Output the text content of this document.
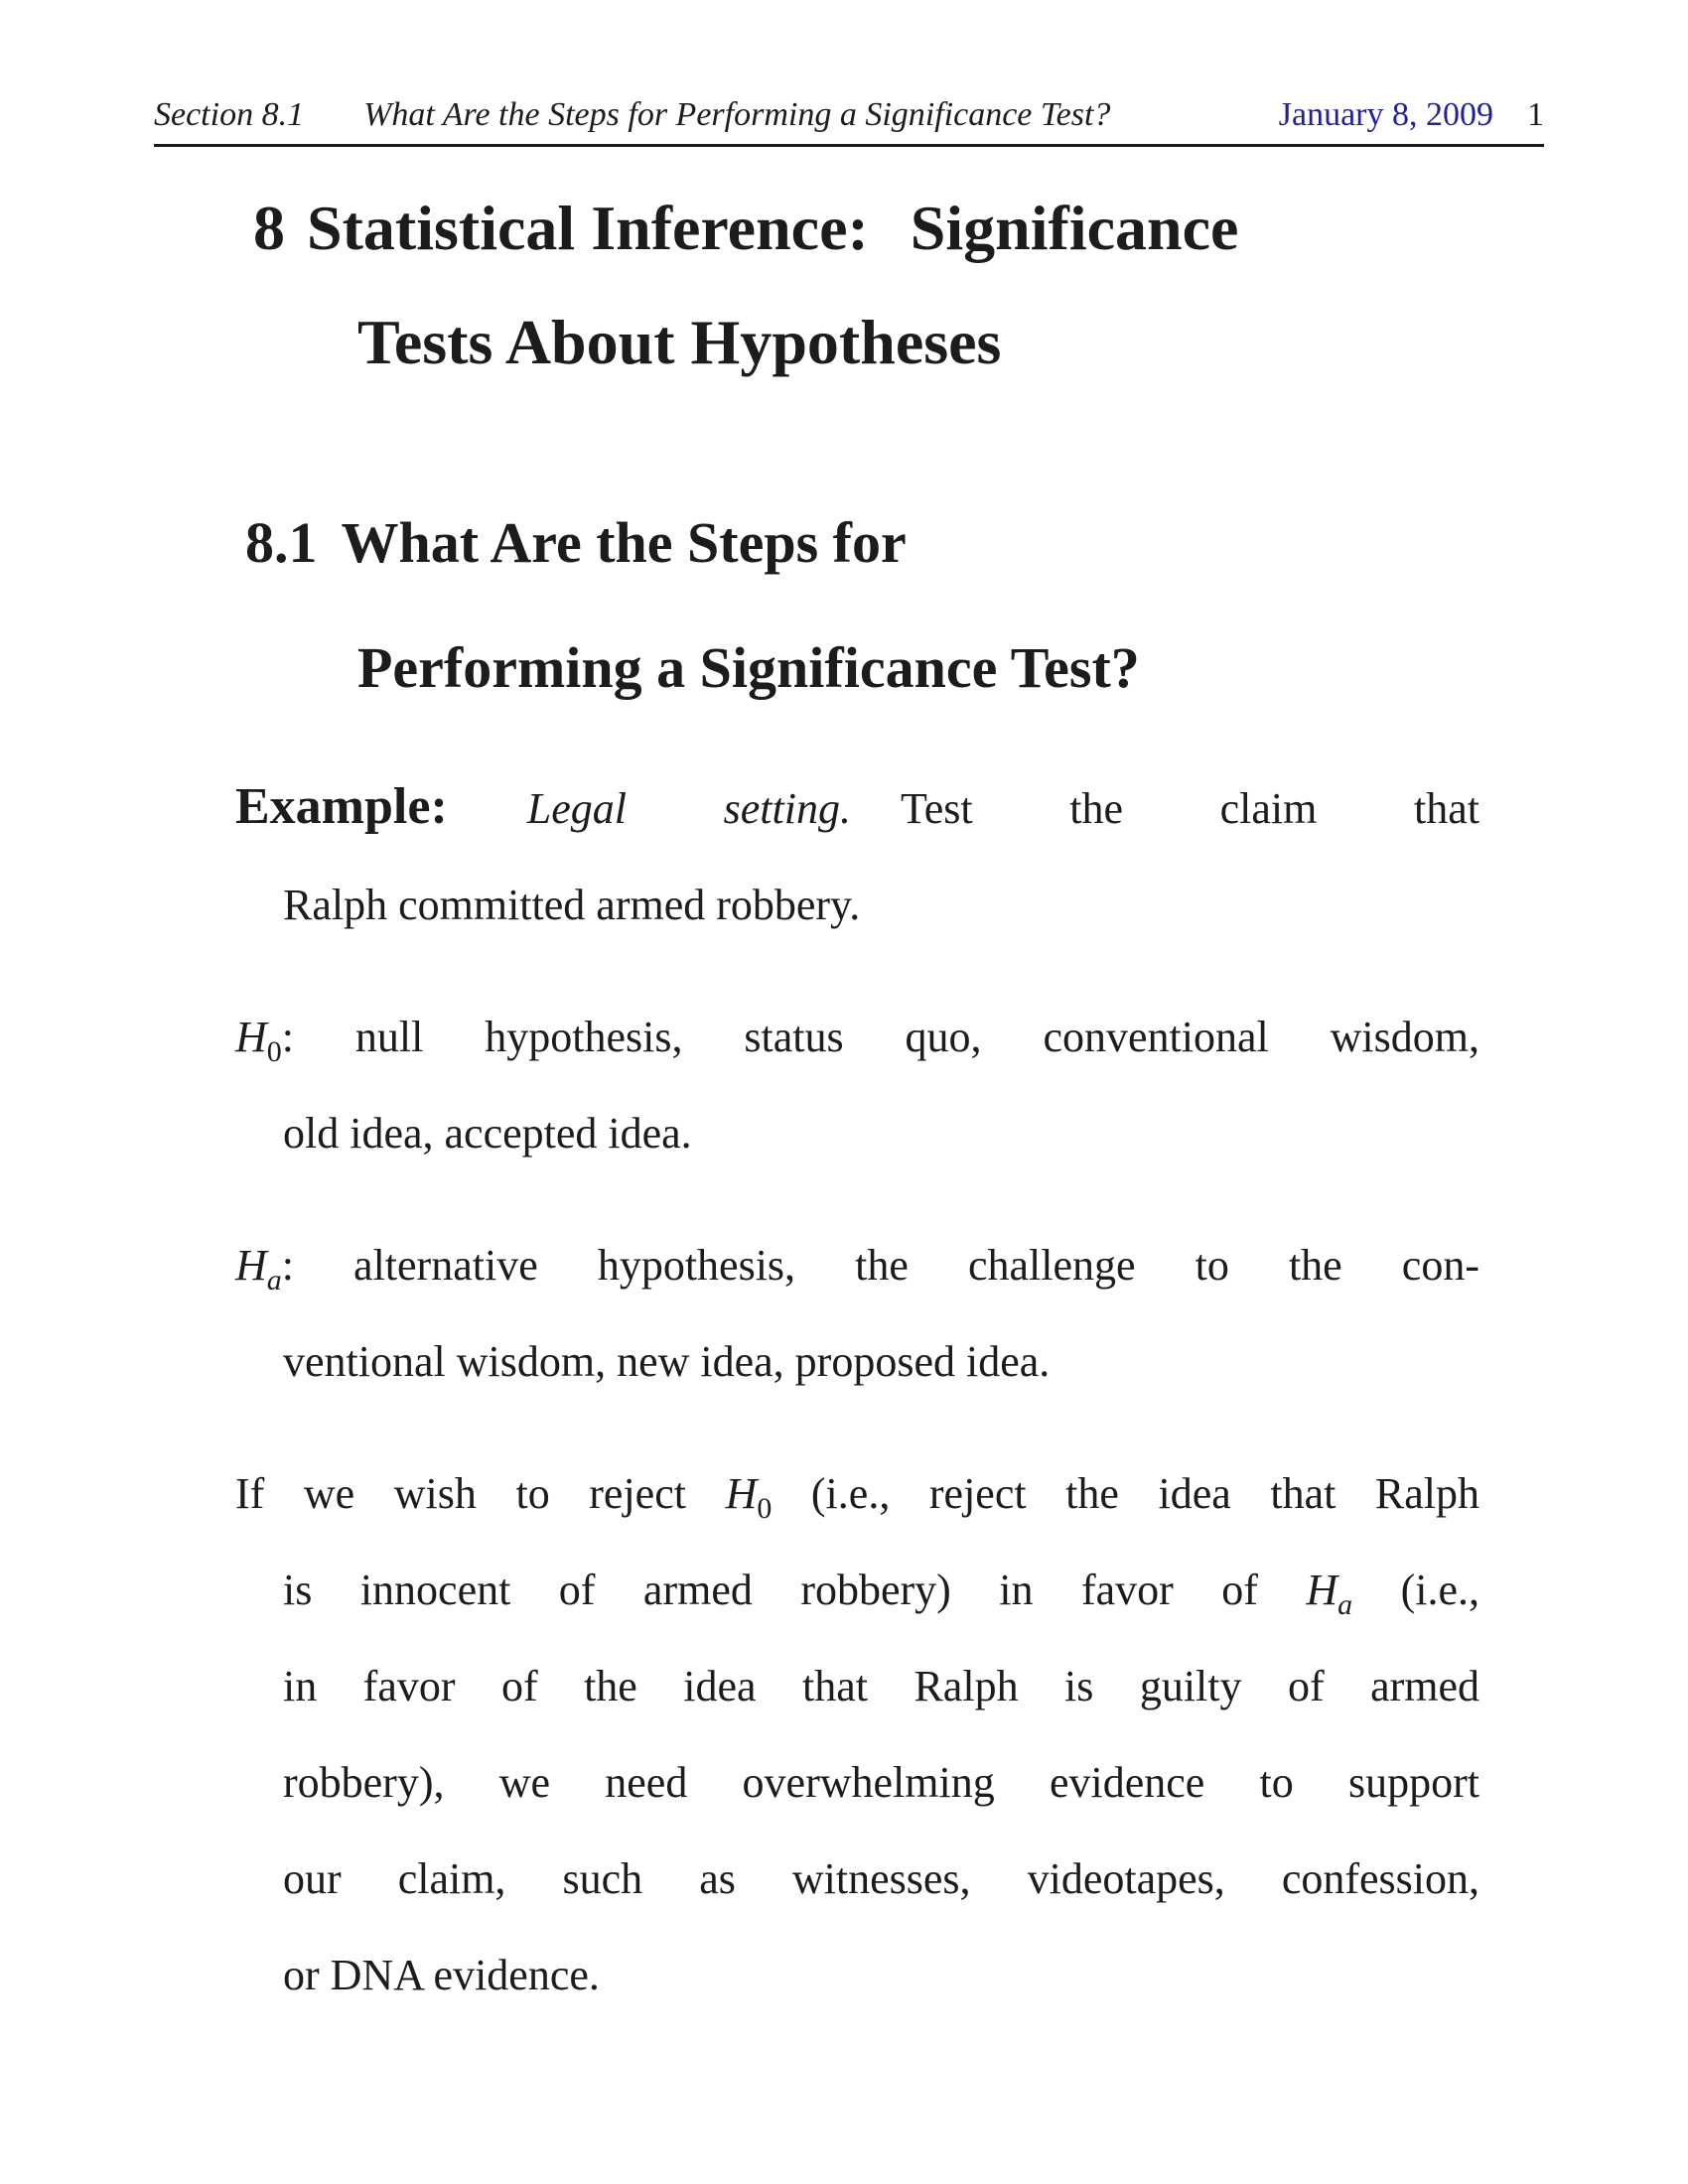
Section 8.1 What Are the Steps for Performing a Significance Test?	January 8, 2009 1
8 Statistical Inference: Significance
Tests About Hypotheses
8.1 What Are the Steps for
Performing a Significance Test?
Example: Legal setting. Test the claim that
Ralph committed armed robbery.
$H_0$: null hypothesis, status quo, conventional wisdom,
old idea, accepted idea.
$H_a$: alternative hypothesis, the challenge to the con-
ventional wisdom, new idea, proposed idea.
If we wish to reject $H_0$ (i.e., reject the idea that Ralph
is innocent of armed robbery) in favor of $H_a$ (i.e.,
in favor of the idea that Ralph is guilty of armed
robbery), we need overwhelming evidence to support
our claim, such as witnesses, videotapes, confession,
or DNA evidence.
